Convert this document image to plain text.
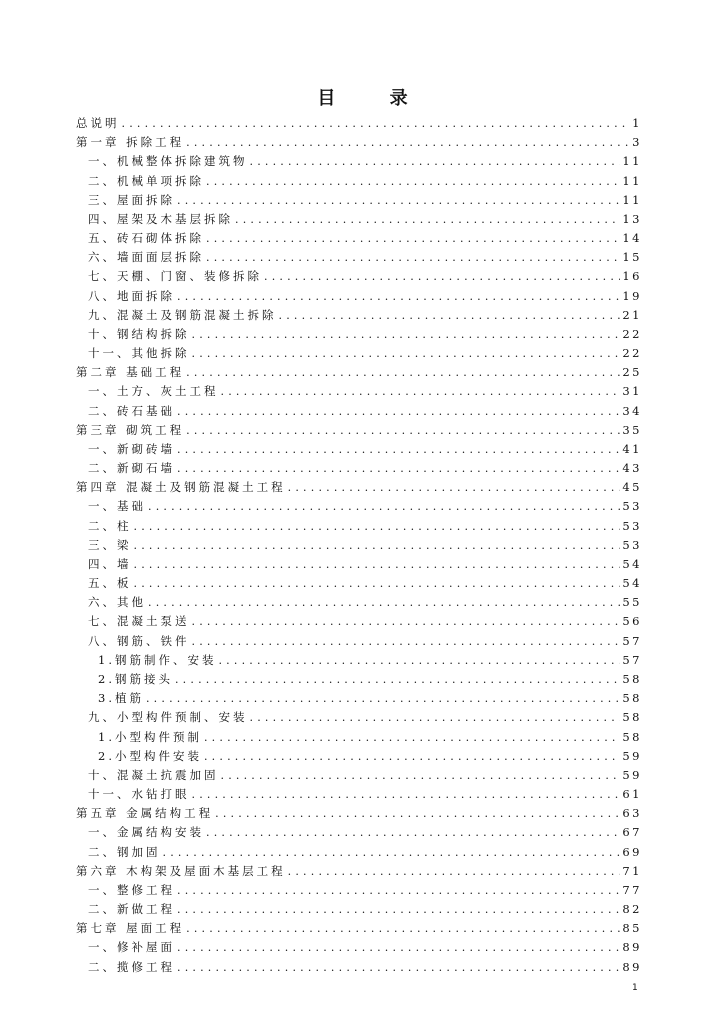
目 录
总说明 .....	1
第一章 拆除工程 .....	3
一、机械整体拆除建筑物 .....	11
二、机械单项拆除 .....	11
三、屋面拆除 .....	11
四、屋架及木基层拆除 .....	13
五、砖石砌体拆除 .....	14
六、墙面面层拆除 .....	15
七、天棚、门窗、装修拆除 .....	16
八、地面拆除 .....	19
九、混凝土及钢筋混凝土拆除 .....	21
十、钢结构拆除 .....	22
十一、其他拆除 .....	22
第二章 基础工程 .....	25
一、土方、灰土工程 .....	31
二、砖石基础 .....	34
第三章 砌筑工程 .....	35
一、新砌砖墙 .....	41
二、新砌石墙 .....	43
第四章 混凝土及钢筋混凝土工程 .....	45
一、基础 .....	53
二、柱 .....	53
三、梁 .....	53
四、墙 .....	54
五、板 .....	54
六、其他 .....	55
七、混凝土泵送 .....	56
八、钢筋、铁件 .....	57
1.钢筋制作、安装 .....	57
2.钢筋接头 .....	58
3.植筋 .....	58
九、小型构件预制、安装 .....	58
1.小型构件预制 .....	58
2.小型构件安装 .....	59
十、混凝土抗震加固 .....	59
十一、水钻打眼 .....	61
第五章 金属结构工程 .....	63
一、金属结构安装 .....	67
二、钢加固 .....	69
第六章 木构架及屋面木基层工程 .....	71
一、整修工程 .....	77
二、新做工程 .....	82
第七章 屋面工程 .....	85
一、修补屋面 .....	89
二、揽修工程 .....	89
1
